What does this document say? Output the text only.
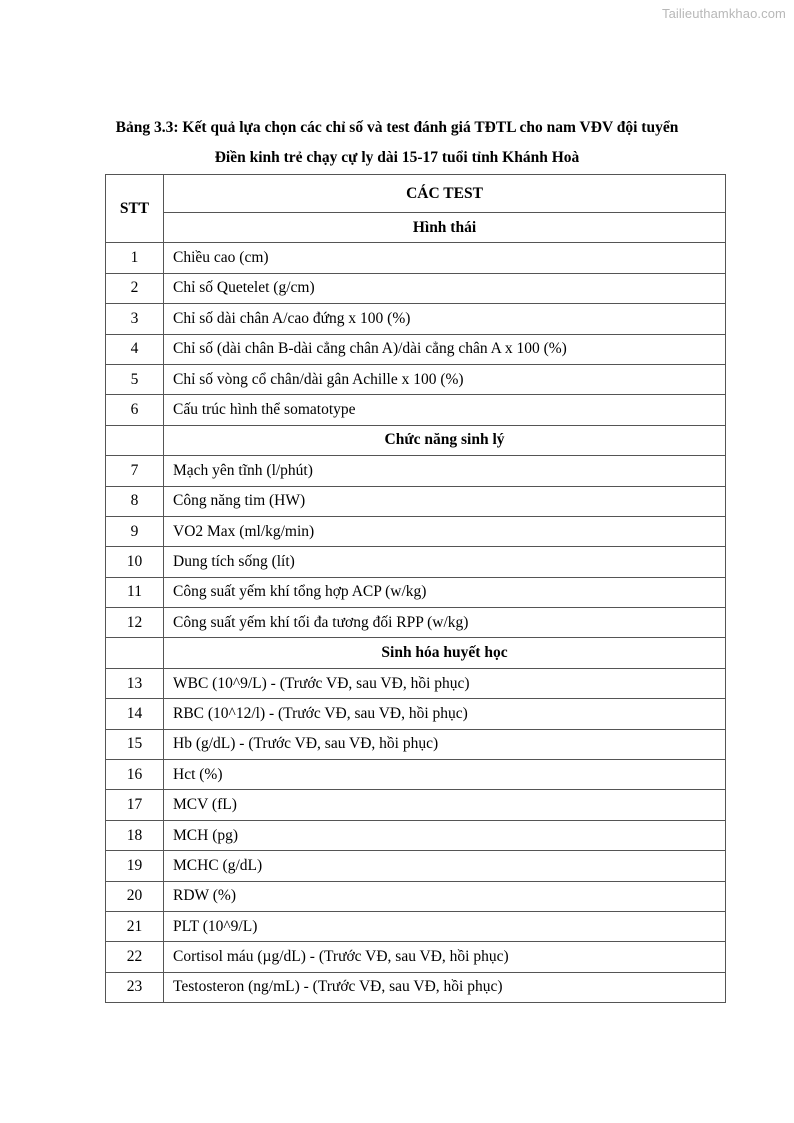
Tailieuthamkhao.com
Bảng 3.3: Kết quả lựa chọn các chỉ số và test đánh giá TĐTL cho nam VĐV đội tuyển
Điền kinh trẻ chạy cự ly dài 15-17 tuổi tỉnh Khánh Hoà
STT	CÁC TEST
	Hình thái
1	Chiều cao (cm)
2	Chỉ số Quetelet (g/cm)
3	Chỉ số dài chân A/cao đứng x 100 (%)
4	Chỉ số (dài chân B-dài cẳng chân A)/dài cẳng chân A x 100 (%)
5	Chỉ số vòng cổ chân/dài gân Achille x 100 (%)
6	Cấu trúc hình thể somatotype
	Chức năng sinh lý
7	Mạch yên tĩnh (l/phút)
8	Công năng tim (HW)
9	VO2 Max (ml/kg/min)
10	Dung tích sống (lít)
11	Công suất yếm khí tổng hợp ACP (w/kg)
12	Công suất yếm khí tối đa tương đối RPP (w/kg)
	Sinh hóa huyết học
13	WBC (10^9/L) - (Trước VĐ, sau VĐ, hồi phục)
14	RBC (10^12/l) - (Trước VĐ, sau VĐ, hồi phục)
15	Hb (g/dL) - (Trước VĐ, sau VĐ, hồi phục)
16	Hct (%)
17	MCV (fL)
18	MCH (pg)
19	MCHC (g/dL)
20	RDW (%)
21	PLT (10^9/L)
22	Cortisol máu (µg/dL) - (Trước VĐ, sau VĐ, hồi phục)
23	Testosteron (ng/mL) - (Trước VĐ, sau VĐ, hồi phục)
